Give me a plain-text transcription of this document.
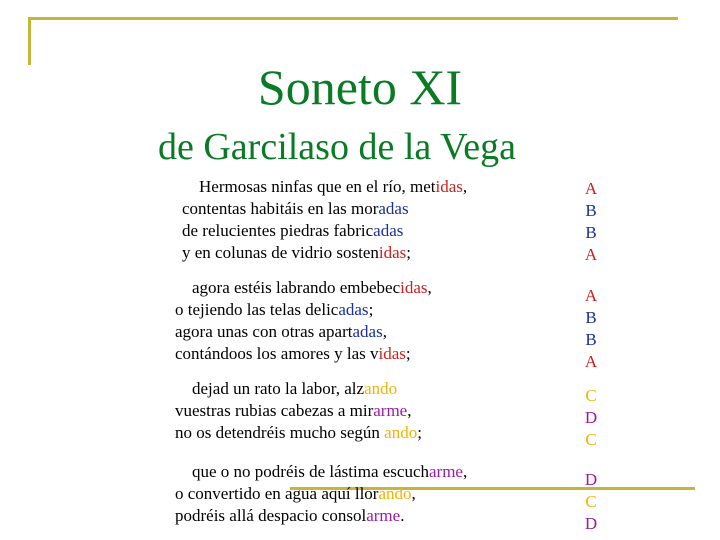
Soneto XI
de Garcilaso de la Vega
Hermosas ninfas que en el río, metidas,
contentas habitáis en las moradas
de relucientes piedras fabricadas
y en colunas de vidrio sostenidas;
A
B
B
A
agora estéis labrando embebecidas,
o tejiendo las telas delicadas;
agora unas con otras apartadas,
contándoos los amores y las vidas;
A
B
B
A
dejad un rato la labor, alzando
vuestras rubias cabezas a mirarme,
no os detendréis mucho según ando;
C
D
C
que o no podréis de lástima escucharme,
o convertido en agua aquí llorando,
podréis allá despacio consolarme.
D
C
D
